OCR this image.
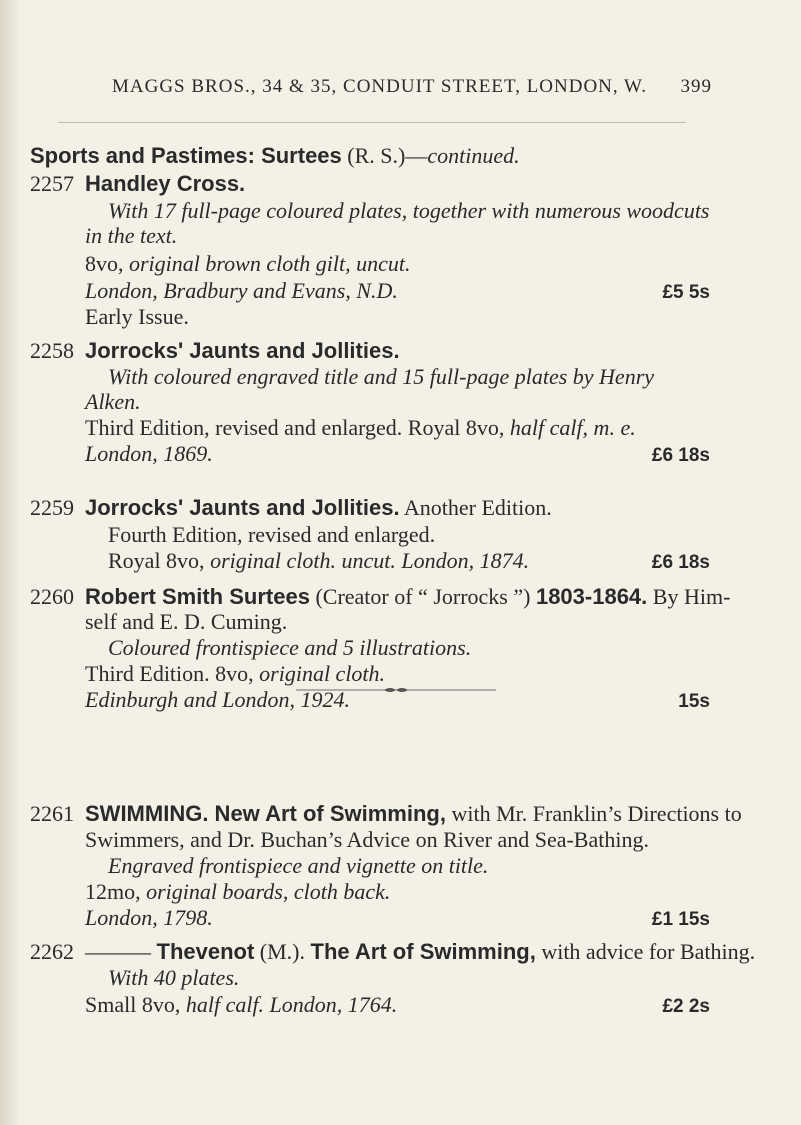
MAGGS BROS., 34 & 35, CONDUIT STREET, LONDON, W. 399
Sports and Pastimes: Surtees (R. S.)—continued.
2257 Handley Cross.
With 17 full-page coloured plates, together with numerous woodcuts
in the text.
8vo, original brown cloth gilt, uncut.
London, Bradbury and Evans, N.D.	£5 5s
Early Issue.
2258 Jorrocks' Jaunts and Jollities.
With coloured engraved title and 15 full-page plates by Henry
Alken.
Third Edition, revised and enlarged. Royal 8vo, half calf, m. e.
London, 1869.	£6 18s
2259 Jorrocks' Jaunts and Jollities. Another Edition.
Fourth Edition, revised and enlarged.
Royal 8vo, original cloth. uncut. London, 1874.	£6 18s
2260 Robert Smith Surtees (Creator of “ Jorrocks ”) 1803-1864. By Him-
self and E. D. Cuming.
Coloured frontispiece and 5 illustrations.
Third Edition. 8vo, original cloth.
Edinburgh and London, 1924.	15s
2261 SWIMMING. New Art of Swimming, with Mr. Franklin’s Directions to
Swimmers, and Dr. Buchan’s Advice on River and Sea-Bathing.
Engraved frontispiece and vignette on title.
12mo, original boards, cloth back.
London, 1798.	£1 15s
2262 ——— Thevenot (M.). The Art of Swimming, with advice for Bathing.
With 40 plates.
Small 8vo, half calf. London, 1764.	£2 2s
